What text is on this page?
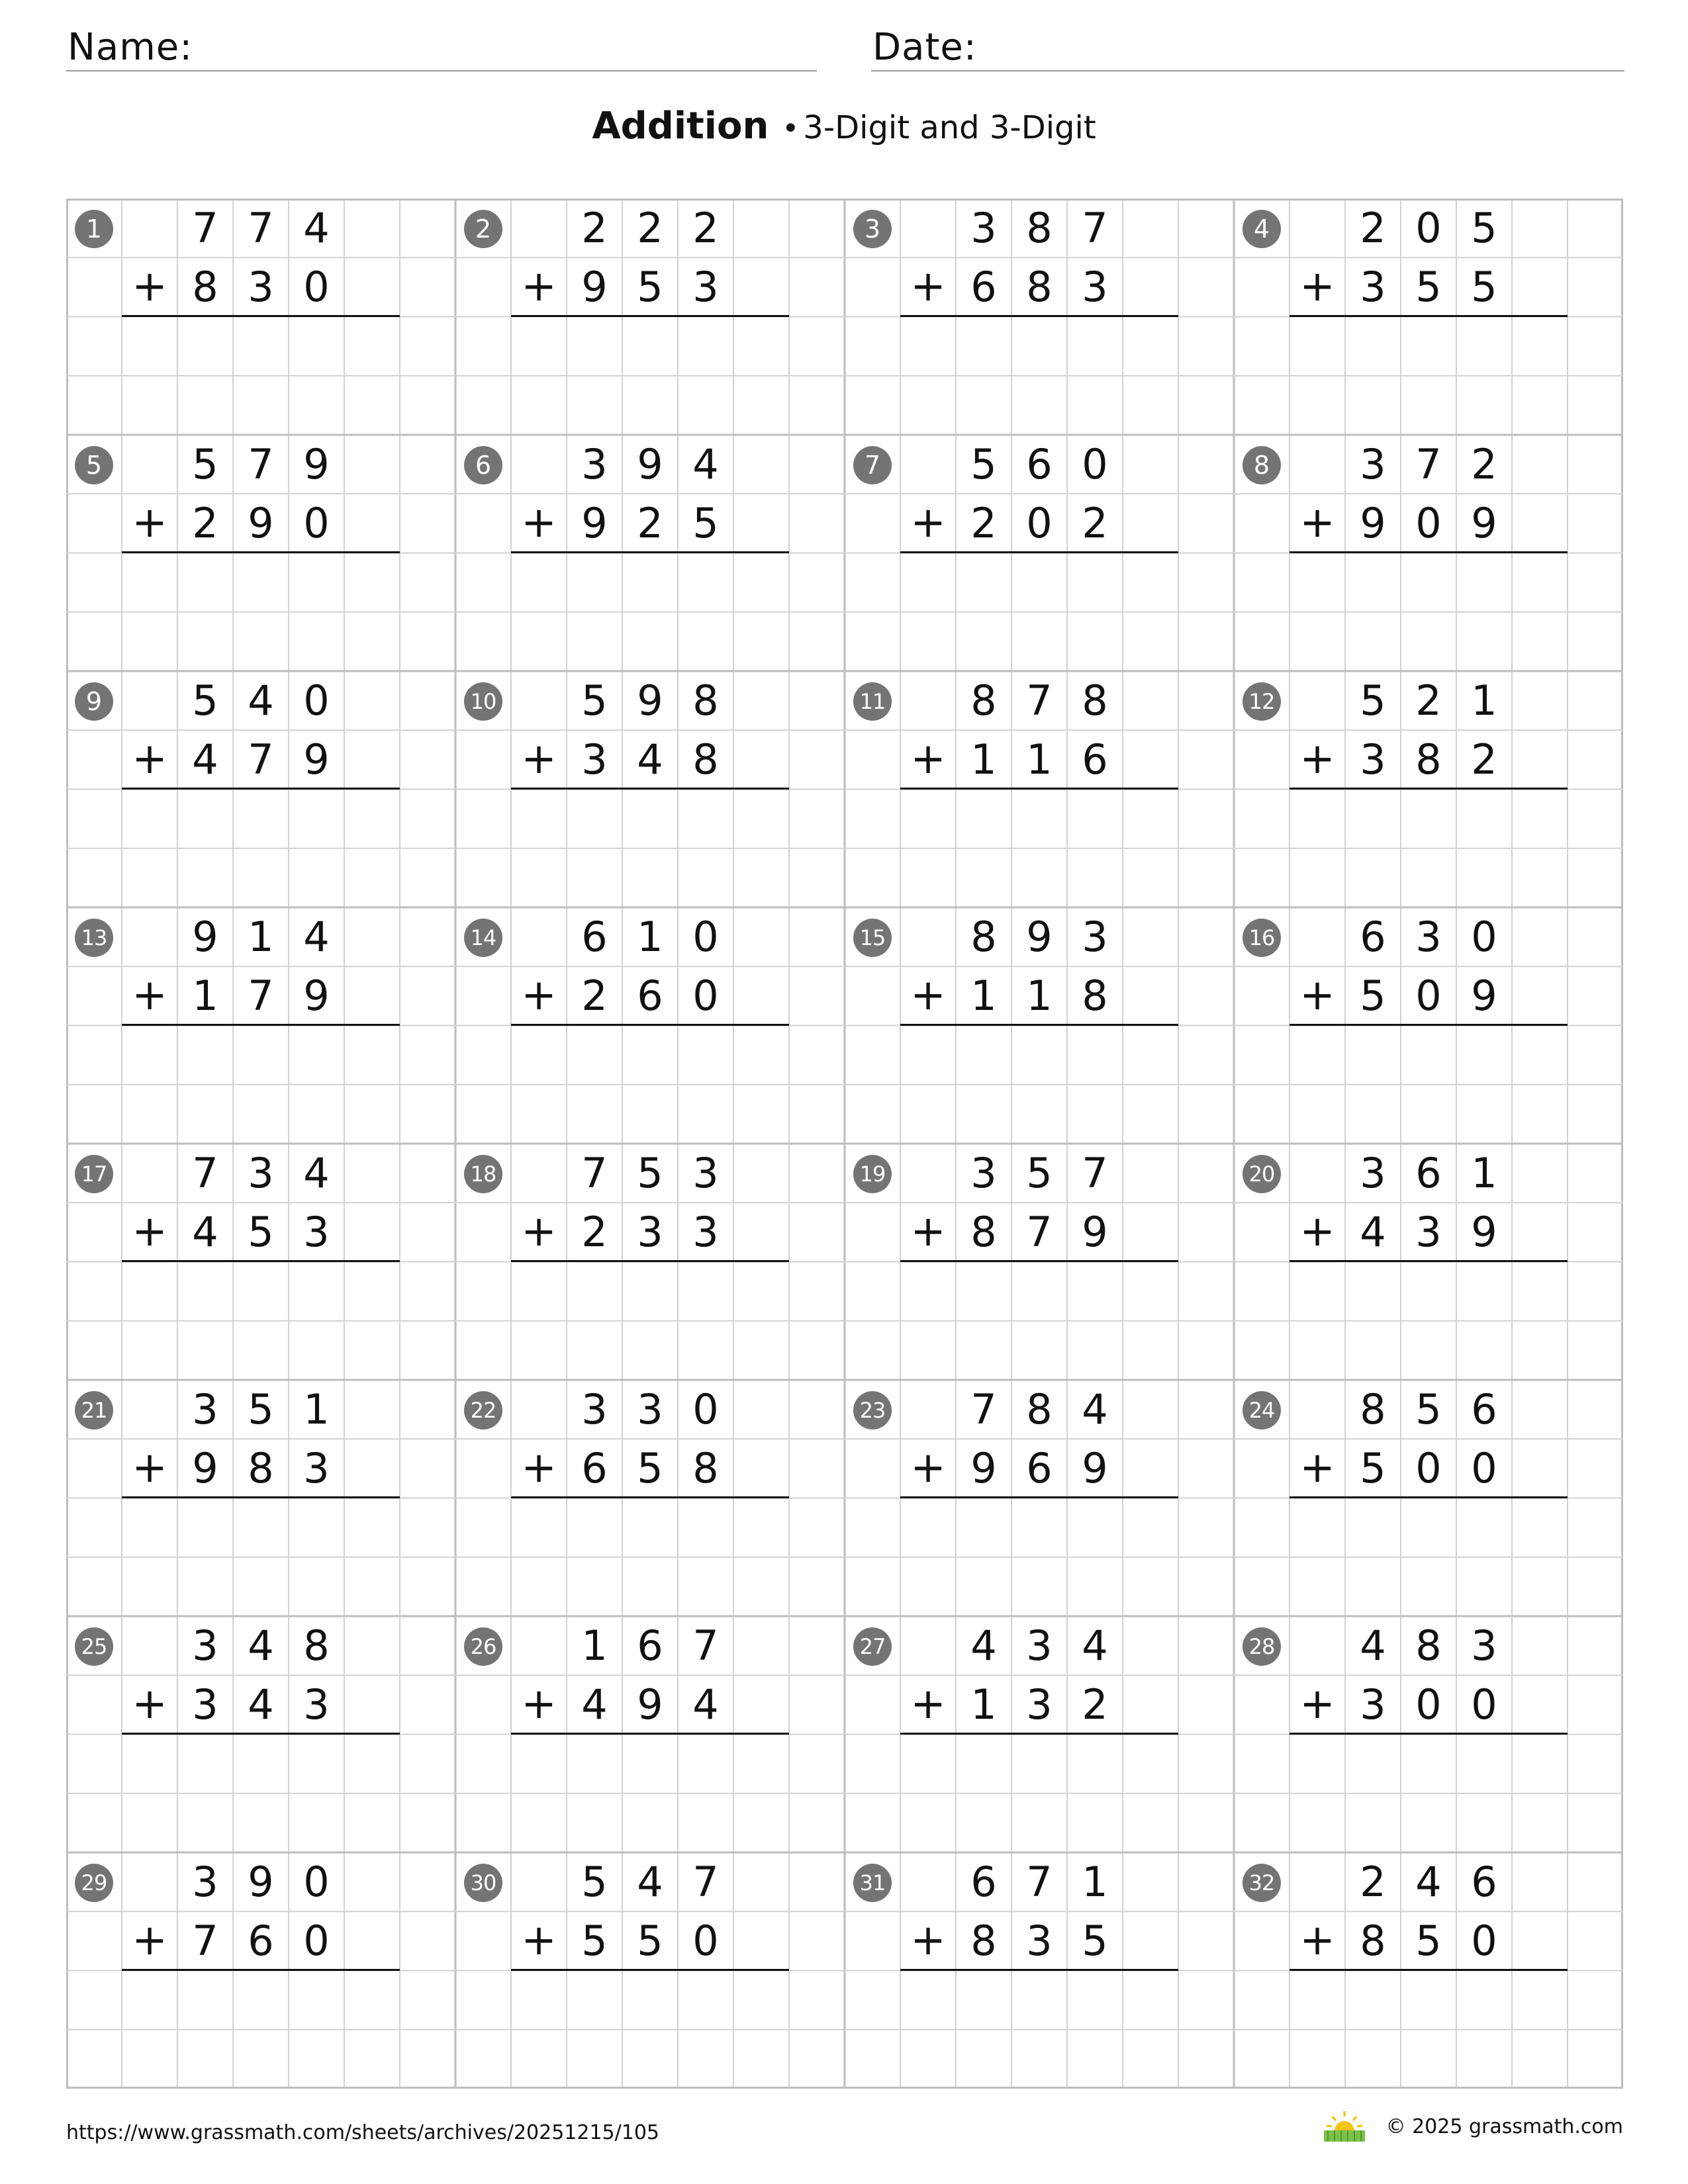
Name:	Date:
Addition • 3-Digit and 3-Digit
1	7 7 4
8 3 0
+
2	2 2 2
9 5 3
+
3	3 8 7
6 8 3
+
4	2 0 5
3 5 5
+
5	5 7 9
2 9 0
+
6	3 9 4
9 2 5
+
7	5 6 0
2 0 2
+
8	3 7 2
9 0 9
+
9	5 4 0
4 7 9
+
10	5 9 8
3 4 8
+
11	8 7 8
1 1 6
+
12	5 2 1
3 8 2
+
13	9 1 4
1 7 9
+
14	6 1 0
2 6 0
+
15	8 9 3
1 1 8
+
16	6 3 0
5 0 9
+
17	7 3 4
4 5 3
+
18	7 5 3
2 3 3
+
19	3 5 7
8 7 9
+
20	3 6 1
4 3 9
+
21	3 5 1
9 8 3
+
22	3 3 0
6 5 8
+
23	7 8 4
9 6 9
+
24	8 5 6
5 0 0
+
25	3 4 8
3 4 3
+
26	1 6 7
4 9 4
+
27	4 3 4
1 3 2
+
28	4 8 3
3 0 0
+
29	3 9 0
7 6 0
+
30	5 4 7
5 5 0
+
31	6 7 1
8 3 5
+
32	2 4 6
8 5 0
+
https://www.grassmath.com/sheets/archives/20251215/105	© 2025 grassmath.com
